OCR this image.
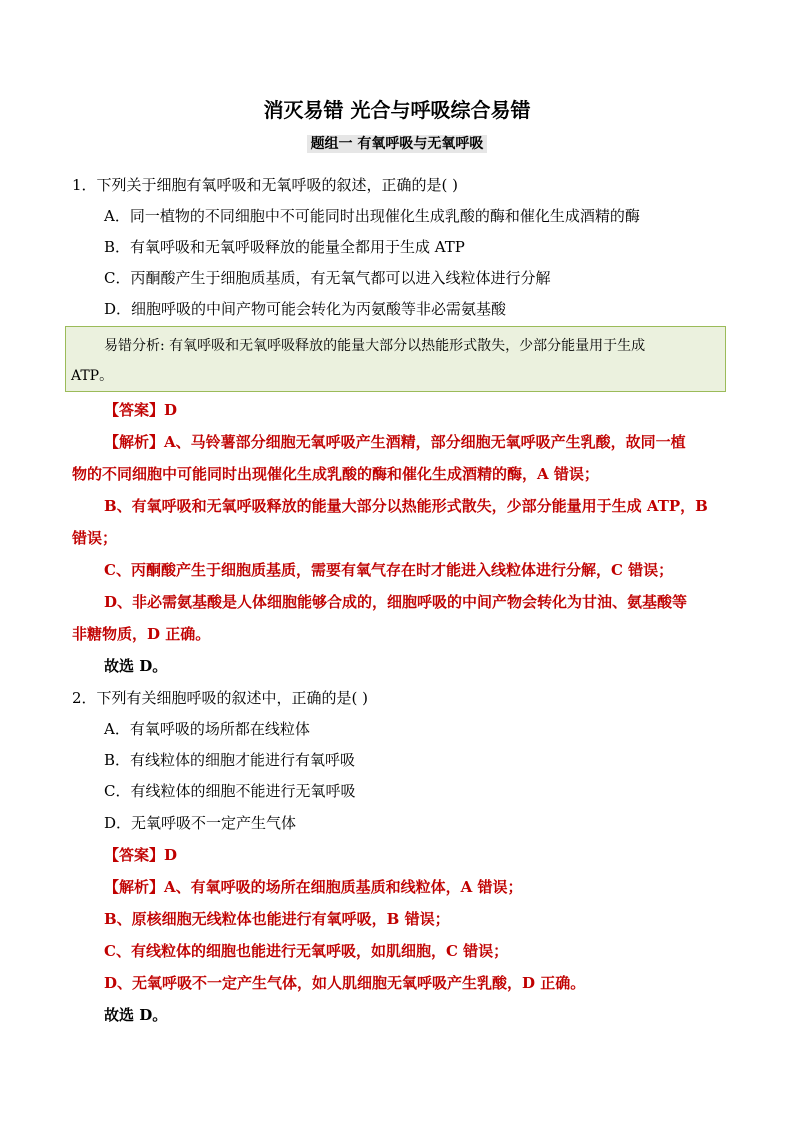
消灭易错 光合与呼吸综合易错
题组一 有氧呼吸与无氧呼吸
1．下列关于细胞有氧呼吸和无氧呼吸的叙述，正确的是( )
A．同一植物的不同细胞中不可能同时出现催化生成乳酸的酶和催化生成酒精的酶
B．有氧呼吸和无氧呼吸释放的能量全都用于生成 ATP
C．丙酮酸产生于细胞质基质，有无氧气都可以进入线粒体进行分解
D．细胞呼吸的中间产物可能会转化为丙氨酸等非必需氨基酸
易错分析: 有氧呼吸和无氧呼吸释放的能量大部分以热能形式散失，少部分能量用于生成
ATP。
【答案】D
【解析】A、马铃薯部分细胞无氧呼吸产生酒精，部分细胞无氧呼吸产生乳酸，故同一植
物的不同细胞中可能同时出现催化生成乳酸的酶和催化生成酒精的酶，A 错误；
B、有氧呼吸和无氧呼吸释放的能量大部分以热能形式散失，少部分能量用于生成 ATP，B
错误；
C、丙酮酸产生于细胞质基质，需要有氧气存在时才能进入线粒体进行分解，C 错误；
D、非必需氨基酸是人体细胞能够合成的，细胞呼吸的中间产物会转化为甘油、氨基酸等
非糖物质，D 正确。
故选 D。
2．下列有关细胞呼吸的叙述中，正确的是( )
A．有氧呼吸的场所都在线粒体
B．有线粒体的细胞才能进行有氧呼吸
C．有线粒体的细胞不能进行无氧呼吸
D．无氧呼吸不一定产生气体
【答案】D
【解析】A、有氧呼吸的场所在细胞质基质和线粒体，A 错误；
B、原核细胞无线粒体也能进行有氧呼吸，B 错误；
C、有线粒体的细胞也能进行无氧呼吸，如肌细胞，C 错误；
D、无氧呼吸不一定产生气体，如人肌细胞无氧呼吸产生乳酸，D 正确。
故选 D。
